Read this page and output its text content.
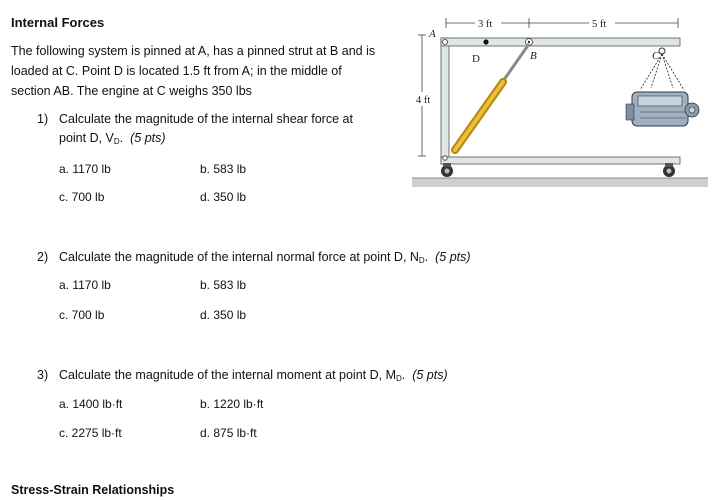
Internal Forces
The following system is pinned at A, has a pinned strut at B and is
loaded at C. Point D is located 1.5 ft from A; in the middle of
section AB. The engine at C weighs 350 lbs
1) Calculate the magnitude of the internal shear force at
point D, $V_D$. (5 pts)
a. 1170 lb	b. 583 lb
c. 700 lb	d. 350 lb
2) Calculate the magnitude of the internal normal force at point D, $N_D$. (5 pts)
a. 1170 lb	b. 583 lb
c. 700 lb	d. 350 lb
3) Calculate the magnitude of the internal moment at point D, $M_D$. (5 pts)
a. 1400 lb·ft	b. 1220 lb·ft
c. 2275 lb·ft	d. 875 lb·ft
Stress-Strain Relationships
4 ft
3 ft	5 ft
A
D	B	C
